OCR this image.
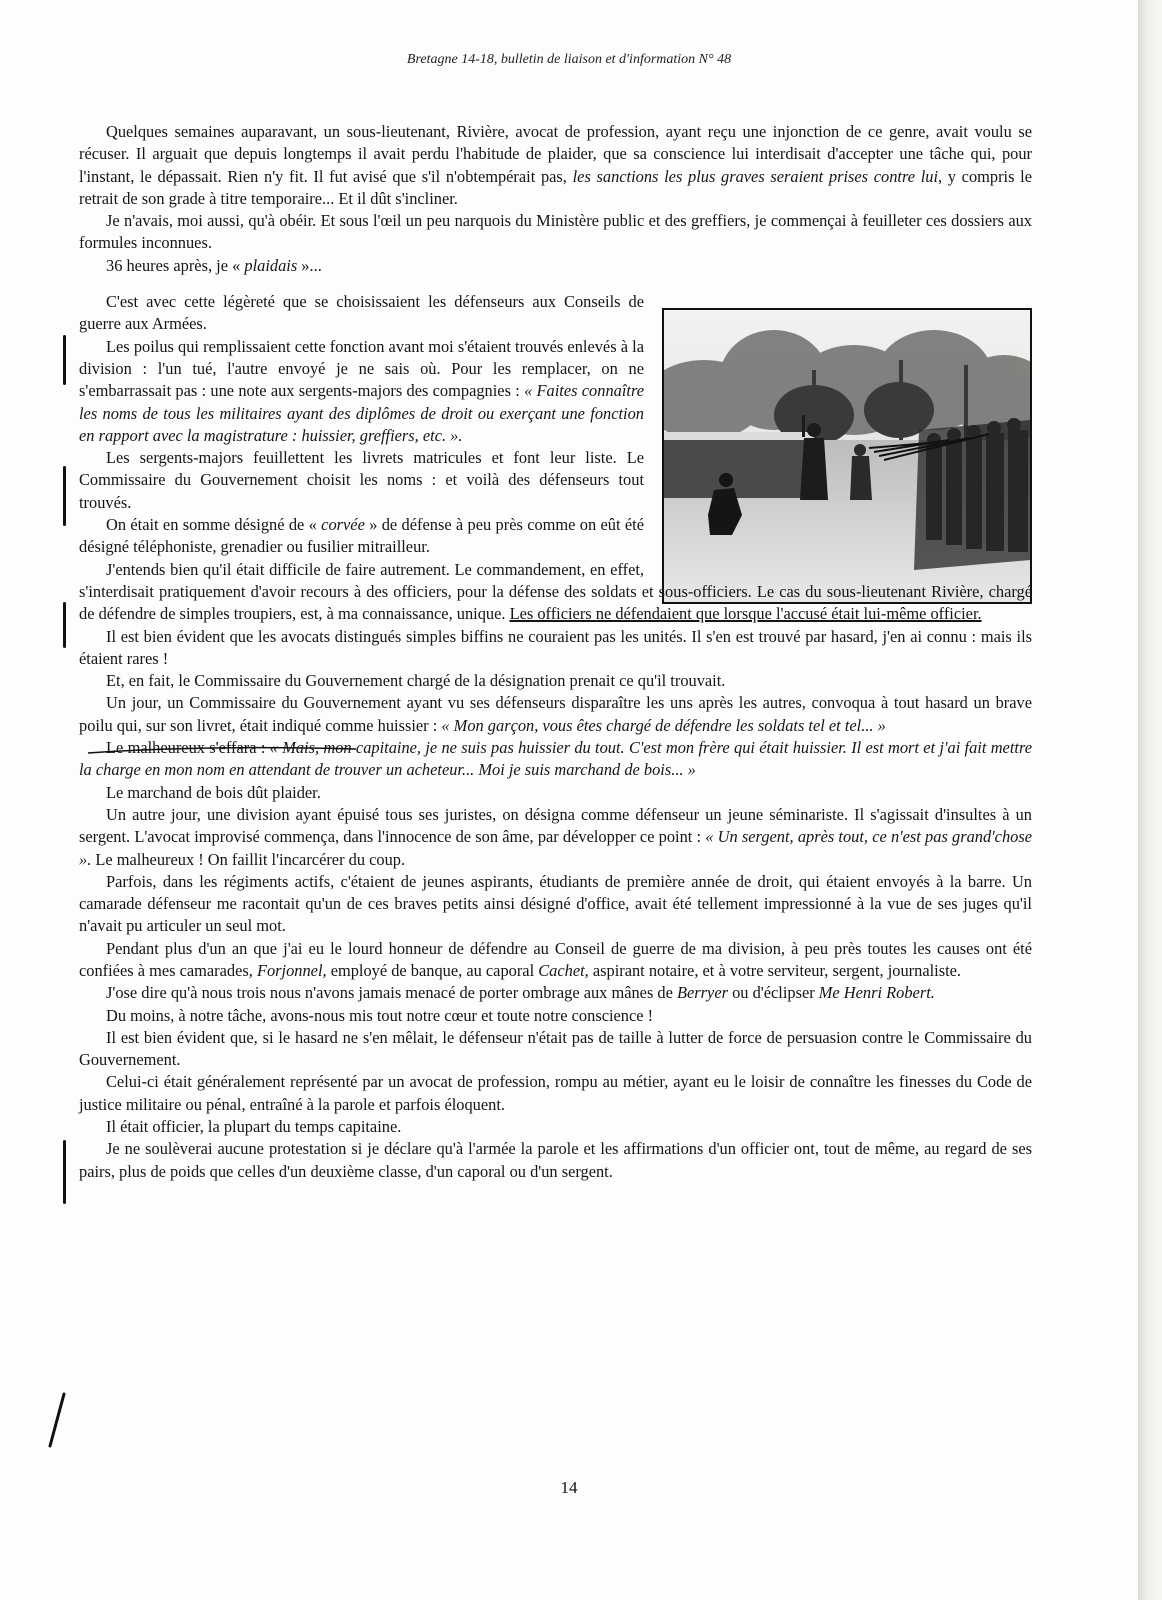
Bretagne 14-18, bulletin de liaison et d'information N° 48

Quelques semaines auparavant, un sous-lieutenant, Rivière, avocat de profession, ayant reçu une injonction de ce genre, avait voulu se récuser. Il arguait que depuis longtemps il avait perdu l'habitude de plaider, que sa conscience lui interdisait d'accepter une tâche qui, pour l'instant, le dépassait. Rien n'y fit. Il fut avisé que s'il n'obtempérait pas, les sanctions les plus graves seraient prises contre lui, y compris le retrait de son grade à titre temporaire... Et il dût s'incliner.

Je n'avais, moi aussi, qu'à obéir. Et sous l'œil un peu narquois du Ministère public et des greffiers, je commençai à feuilleter ces dossiers aux formules inconnues.

36 heures après, je « plaidais »...

C'est avec cette légèreté que se choisissaient les défenseurs aux Conseils de guerre aux Armées.

Les poilus qui remplissaient cette fonction avant moi s'étaient trouvés enlevés à la division : l'un tué, l'autre envoyé je ne sais où. Pour les remplacer, on ne s'embarrassait pas : une note aux sergents-majors des compagnies : « Faites connaître les noms de tous les militaires ayant des diplômes de droit ou exerçant une fonction en rapport avec la magistrature : huissier, greffiers, etc. ».

Les sergents-majors feuillettent les livrets matricules et font leur liste. Le Commissaire du Gouvernement choisit les noms : et voilà des défenseurs tout trouvés.

On était en somme désigné de « corvée » de défense à peu près comme on eût été désigné téléphoniste, grenadier ou fusilier mitrailleur.

J'entends bien qu'il était difficile de faire autrement. Le commandement, en effet, s'interdisait pratiquement d'avoir recours à des officiers, pour la défense des soldats et sous-officiers. Le cas du sous-lieutenant Rivière, chargé de défendre de simples troupiers, est, à ma connaissance, unique. Les officiers ne défendaient que lorsque l'accusé était lui-même officier.

Il est bien évident que les avocats distingués simples biffins ne couraient pas les unités. Il s'en est trouvé par hasard, j'en ai connu : mais ils étaient rares !

Et, en fait, le Commissaire du Gouvernement chargé de la désignation prenait ce qu'il trouvait.

Un jour, un Commissaire du Gouvernement ayant vu ses défenseurs disparaître les uns après les autres, convoqua à tout hasard un brave poilu qui, sur son livret, était indiqué comme huissier : « Mon garçon, vous êtes chargé de défendre les soldats tel et tel... »

Le malheureux s'effara : « Mais, mon capitaine, je ne suis pas huissier du tout. C'est mon frère qui était huissier. Il est mort et j'ai fait mettre la charge en mon nom en attendant de trouver un acheteur... Moi je suis marchand de bois... »

Le marchand de bois dût plaider.

Un autre jour, une division ayant épuisé tous ses juristes, on désigna comme défenseur un jeune séminariste. Il s'agissait d'insultes à un sergent. L'avocat improvisé commença, dans l'innocence de son âme, par développer ce point : « Un sergent, après tout, ce n'est pas grand'chose ». Le malheureux ! On faillit l'incarcérer du coup.

Parfois, dans les régiments actifs, c'étaient de jeunes aspirants, étudiants de première année de droit, qui étaient envoyés à la barre. Un camarade défenseur me racontait qu'un de ces braves petits ainsi désigné d'office, avait été tellement impressionné à la vue de ses juges qu'il n'avait pu articuler un seul mot.

Pendant plus d'un an que j'ai eu le lourd honneur de défendre au Conseil de guerre de ma division, à peu près toutes les causes ont été confiées à mes camarades, Forjonnel, employé de banque, au caporal Cachet, aspirant notaire, et à votre serviteur, sergent, journaliste.

J'ose dire qu'à nous trois nous n'avons jamais menacé de porter ombrage aux mânes de Berryer ou d'éclipser Me Henri Robert.

Du moins, à notre tâche, avons-nous mis tout notre cœur et toute notre conscience !

Il est bien évident que, si le hasard ne s'en mêlait, le défenseur n'était pas de taille à lutter de force de persuasion contre le Commissaire du Gouvernement.

Celui-ci était généralement représenté par un avocat de profession, rompu au métier, ayant eu le loisir de connaître les finesses du Code de justice militaire ou pénal, entraîné à la parole et parfois éloquent.

Il était officier, la plupart du temps capitaine.

Je ne soulèverai aucune protestation si je déclare qu'à l'armée la parole et les affirmations d'un officier ont, tout de même, au regard de ses pairs, plus de poids que celles d'un deuxième classe, d'un caporal ou d'un sergent.

14
